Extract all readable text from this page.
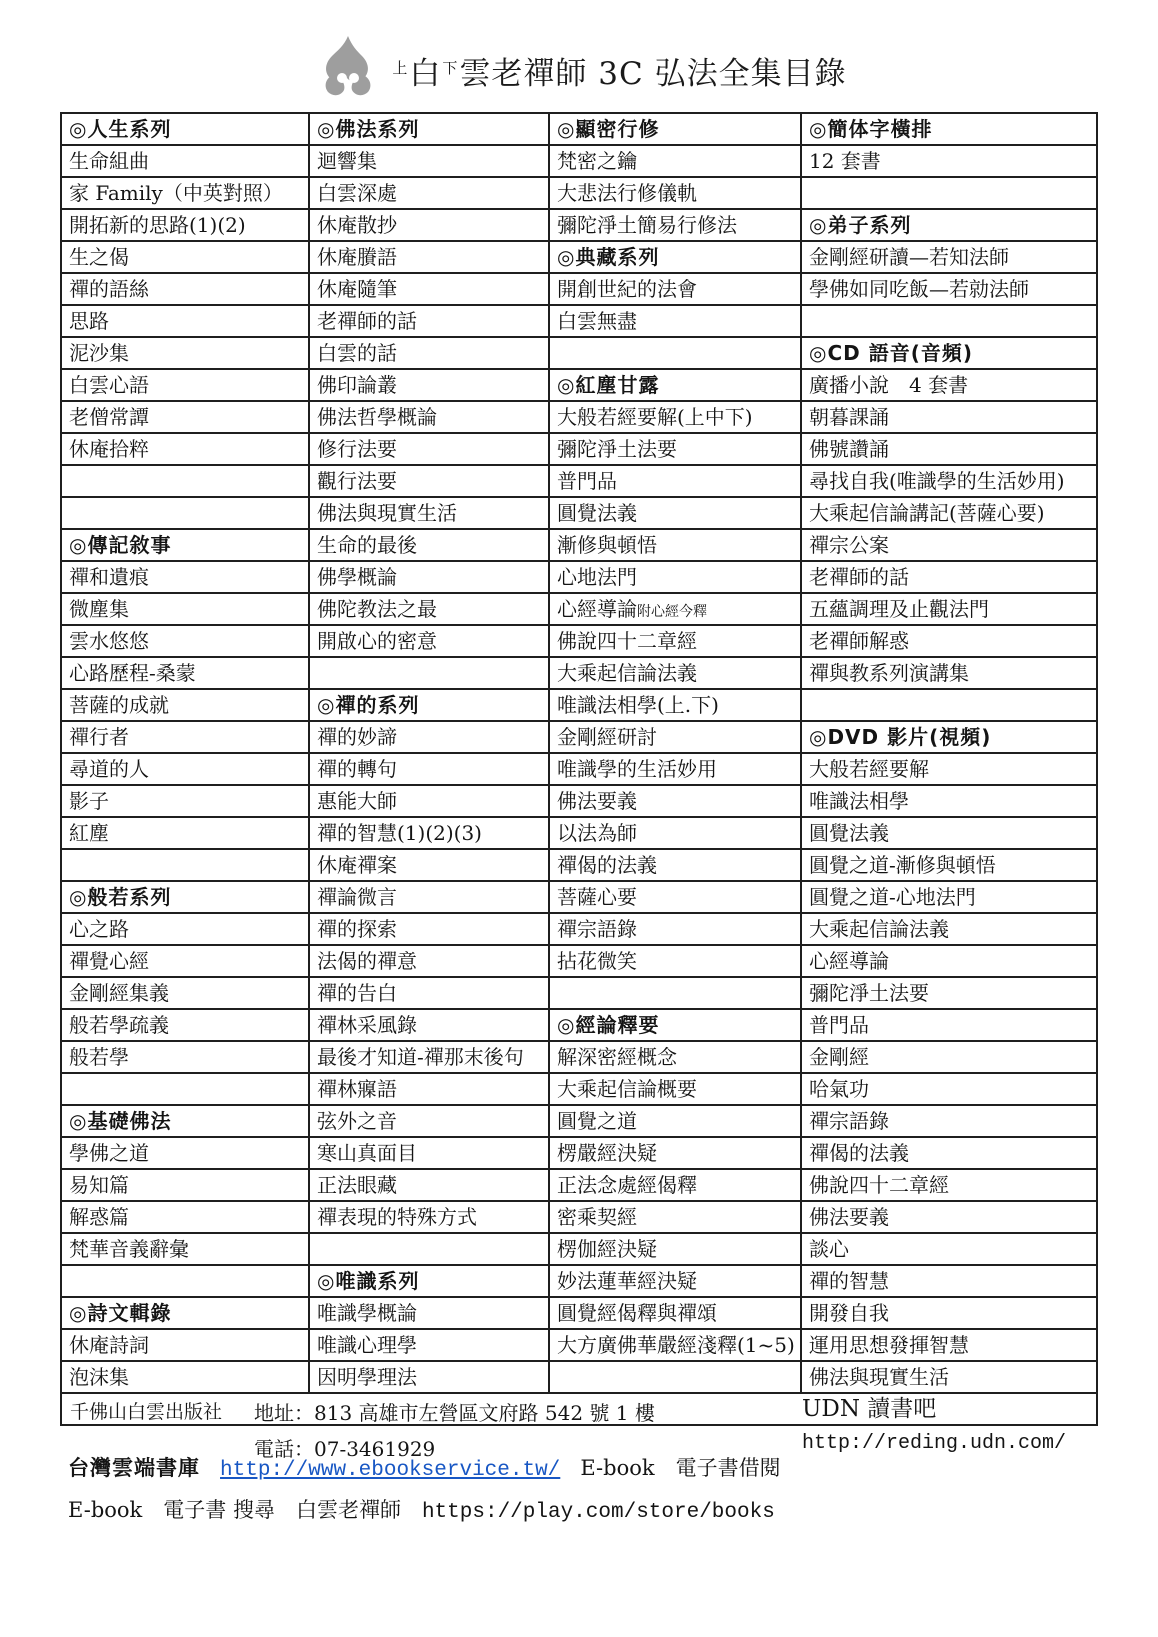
$^上$白$^下$雲老禪師 3C 弘法全集目錄
◎人生系列	◎佛法系列	◎顯密行修	◎簡体字橫排
生命組曲	迴響集	梵密之鑰	12 套書
家 Family（中英對照）	白雲深處	大悲法行修儀軌	
開拓新的思路(1)(2)	休庵散抄	彌陀淨土簡易行修法	◎弟子系列
生之偈	休庵賸語	◎典藏系列	金剛經研讀—若知法師
禪的語絲	休庵隨筆	開創世紀的法會	學佛如同吃飯—若勍法師
思路	老禪師的話	白雲無盡	
泥沙集	白雲的話		◎CD 語音(音頻)
白雲心語	佛印論叢	◎紅塵甘露	廣播小說　4 套書
老僧常譚	佛法哲學概論	大般若經要解(上中下)	朝暮課誦
休庵拾粹	修行法要	彌陀淨土法要	佛號讚誦
	觀行法要	普門品	尋找自我(唯識學的生活妙用)
	佛法與現實生活	圓覺法義	大乘起信論講記(菩薩心要)
◎傳記敘事	生命的最後	漸修與頓悟	禪宗公案
禪和遺痕	佛學概論	心地法門	老禪師的話
微塵集	佛陀教法之最	心經導論附心經今釋	五蘊調理及止觀法門
雲水悠悠	開啟心的密意	佛說四十二章經	老禪師解惑
心路歷程-桑蒙		大乘起信論法義	禪與教系列演講集
菩薩的成就	◎禪的系列	唯識法相學(上.下)	
禪行者	禪的妙諦	金剛經研討	◎DVD 影片(視頻)
尋道的人	禪的轉句	唯識學的生活妙用	大般若經要解
影子	惠能大師	佛法要義	唯識法相學
紅塵	禪的智慧(1)(2)(3)	以法為師	圓覺法義
	休庵禪案	禪偈的法義	圓覺之道-漸修與頓悟
◎般若系列	禪論微言	菩薩心要	圓覺之道-心地法門
心之路	禪的探索	禪宗語錄	大乘起信論法義
禪覺心經	法偈的禪意	拈花微笑	心經導論
金剛經集義	禪的告白		彌陀淨土法要
般若學疏義	禪林采風錄	◎經論釋要	普門品
般若學	最後才知道-禪那末後句	解深密經概念	金剛經
	禪林寱語	大乘起信論概要	哈氣功
◎基礎佛法	弦外之音	圓覺之道	禪宗語錄
學佛之道	寒山真面目	楞嚴經決疑	禪偈的法義
易知篇	正法眼藏	正法念處經偈釋	佛說四十二章經
解惑篇	禪表現的特殊方式	密乘契經	佛法要義
梵華音義辭彙		楞伽經決疑	談心
	◎唯識系列	妙法蓮華經決疑	禪的智慧
◎詩文輯錄	唯識學概論	圓覺經偈釋與禪頌	開發自我
休庵詩詞	唯識心理學	大方廣佛華嚴經淺釋(1~5)	運用思想發揮智慧
泡沫集	因明學理法		佛法與現實生活

千佛山白雲出版社 地址：813 高雄市左營區文府路 542 號 1 樓
電話：07-3461929
UDN 讀書吧
http://reding.udn.com/			
台灣雲端書庫 http://www.ebookservice.tw/ E-book　電子書借閱
E-book　電子書 搜尋　白雲老禪師　https://play.com/store/books
